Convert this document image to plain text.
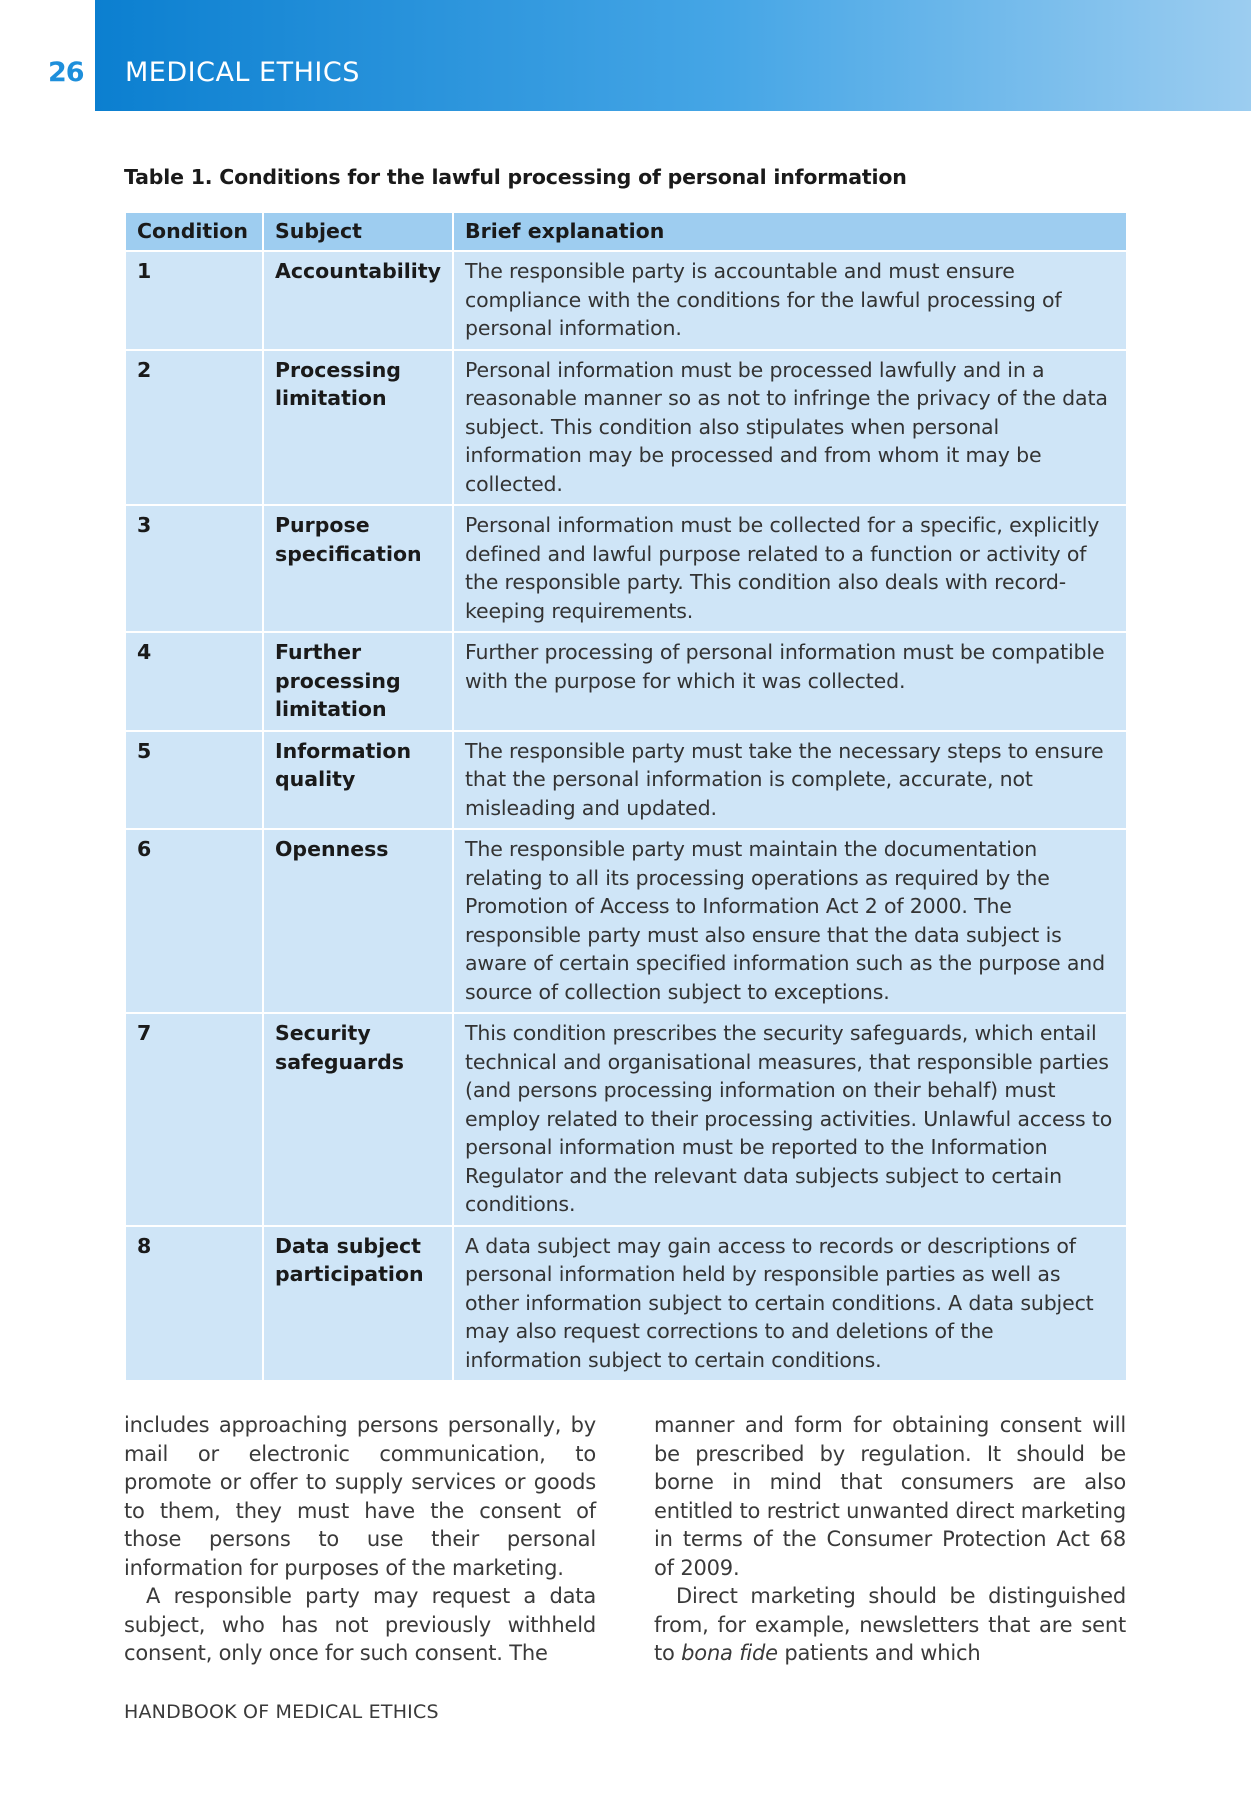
26 MEDICAL ETHICS
Table 1. Conditions for the lawful processing of personal information
Condition	Subject	Brief explanation
1	Accountability	The responsible party is accountable and must ensure compliance with the conditions for the lawful processing of personal information.
2	Processing limitation	Personal information must be processed lawfully and in a reasonable manner so as not to infringe the privacy of the data subject. This condition also stipulates when personal information may be processed and from whom it may be collected.
3	Purpose specification	Personal information must be collected for a specific, explicitly defined and lawful purpose related to a function or activity of the responsible party. This condition also deals with record-keeping requirements.
4	Further processing limitation	Further processing of personal information must be compatible with the purpose for which it was collected.
5	Information quality	The responsible party must take the necessary steps to ensure that the personal information is complete, accurate, not misleading and updated.
6	Openness	The responsible party must maintain the documentation relating to all its processing operations as required by the Promotion of Access to Information Act 2 of 2000. The responsible party must also ensure that the data subject is aware of certain specified information such as the purpose and source of collection subject to exceptions.
7	Security safeguards	This condition prescribes the security safeguards, which entail technical and organisational measures, that responsible parties (and persons processing information on their behalf) must employ related to their processing activities. Unlawful access to personal information must be reported to the Information Regulator and the relevant data subjects subject to certain conditions.
8	Data subject participation	A data subject may gain access to records or descriptions of personal information held by responsible parties as well as other information subject to certain conditions. A data subject may also request corrections to and deletions of the information subject to certain conditions.

includes approaching persons personally, by mail or electronic communication, to promote or offer to supply services or goods to them, they must have the consent of those persons to use their personal information for purposes of the marketing.

A responsible party may request a data subject, who has not previously withheld consent, only once for such consent. The

manner and form for obtaining consent will be prescribed by regulation. It should be borne in mind that consumers are also entitled to restrict unwanted direct marketing in terms of the Consumer Protection Act 68 of 2009.

Direct marketing should be distinguished from, for example, newsletters that are sent to bona fide patients and which

HANDBOOK OF MEDICAL ETHICS
